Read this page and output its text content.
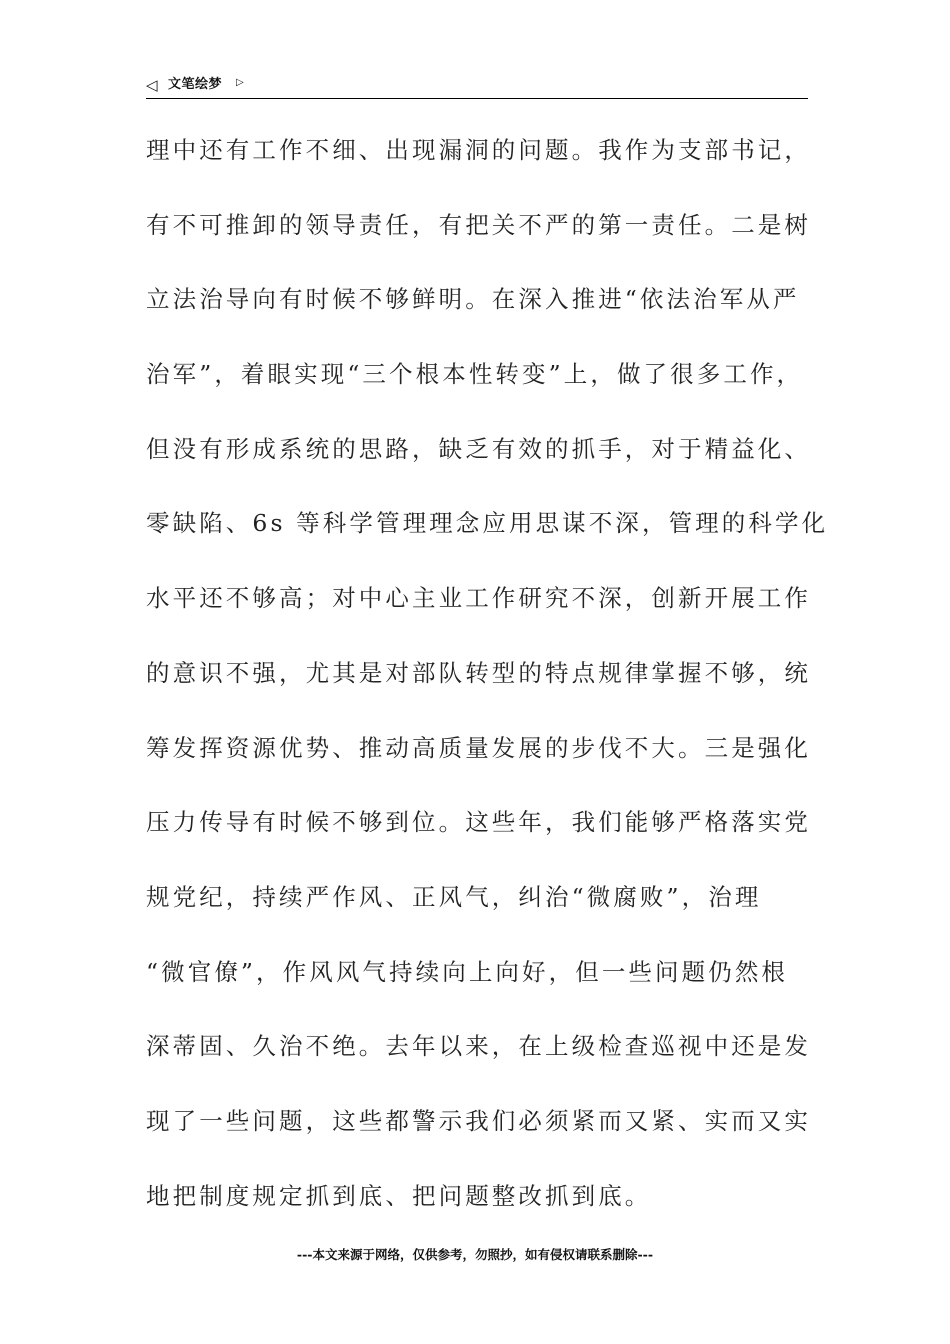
◁ 文笔绘梦 ▷
理中还有工作不细、出现漏洞的问题。我作为支部书记，
有不可推卸的领导责任，有把关不严的第一责任。二是树
立法治导向有时候不够鲜明。在深入推进“依法治军从严
治军”，着眼实现“三个根本性转变”上，做了很多工作，
但没有形成系统的思路，缺乏有效的抓手，对于精益化、
零缺陷、6s 等科学管理理念应用思谋不深，管理的科学化
水平还不够高；对中心主业工作研究不深，创新开展工作
的意识不强，尤其是对部队转型的特点规律掌握不够，统
筹发挥资源优势、推动高质量发展的步伐不大。三是强化
压力传导有时候不够到位。这些年，我们能够严格落实党
规党纪，持续严作风、正风气，纠治“微腐败”，治理
“微官僚”，作风风气持续向上向好，但一些问题仍然根
深蒂固、久治不绝。去年以来，在上级检查巡视中还是发
现了一些问题，这些都警示我们必须紧而又紧、实而又实
地把制度规定抓到底、把问题整改抓到底。
---本文来源于网络，仅供参考，勿照抄，如有侵权请联系删除---
